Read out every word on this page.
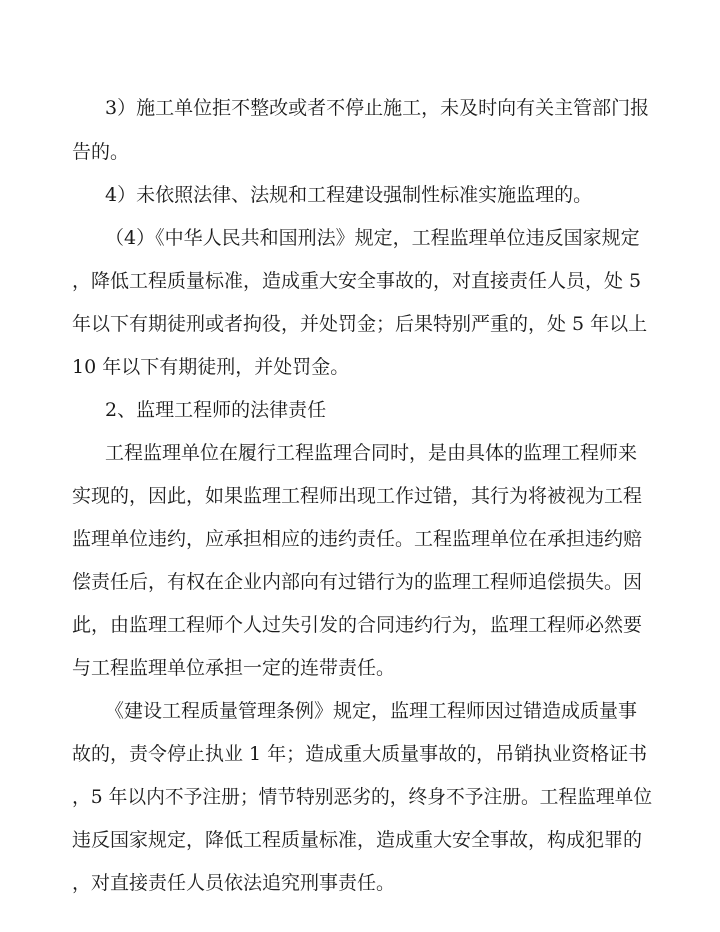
3）施工单位拒不整改或者不停止施工，未及时向有关主管部门报
告的。
4）未依照法律、法规和工程建设强制性标准实施监理的。
（4）《中华人民共和国刑法》规定，工程监理单位违反国家规定
，降低工程质量标准，造成重大安全事故的，对直接责任人员，处 5
年以下有期徒刑或者拘役，并处罚金；后果特别严重的，处 5 年以上
10 年以下有期徒刑，并处罚金。
2、监理工程师的法律责任
工程监理单位在履行工程监理合同时，是由具体的监理工程师来
实现的，因此，如果监理工程师出现工作过错，其行为将被视为工程
监理单位违约，应承担相应的违约责任。工程监理单位在承担违约赔
偿责任后，有权在企业内部向有过错行为的监理工程师追偿损失。因
此，由监理工程师个人过失引发的合同违约行为，监理工程师必然要
与工程监理单位承担一定的连带责任。
《建设工程质量管理条例》规定，监理工程师因过错造成质量事
故的，责令停止执业 1 年；造成重大质量事故的，吊销执业资格证书
，5 年以内不予注册；情节特别恶劣的，终身不予注册。工程监理单位
违反国家规定，降低工程质量标准，造成重大安全事故，构成犯罪的
，对直接责任人员依法追究刑事责任。
